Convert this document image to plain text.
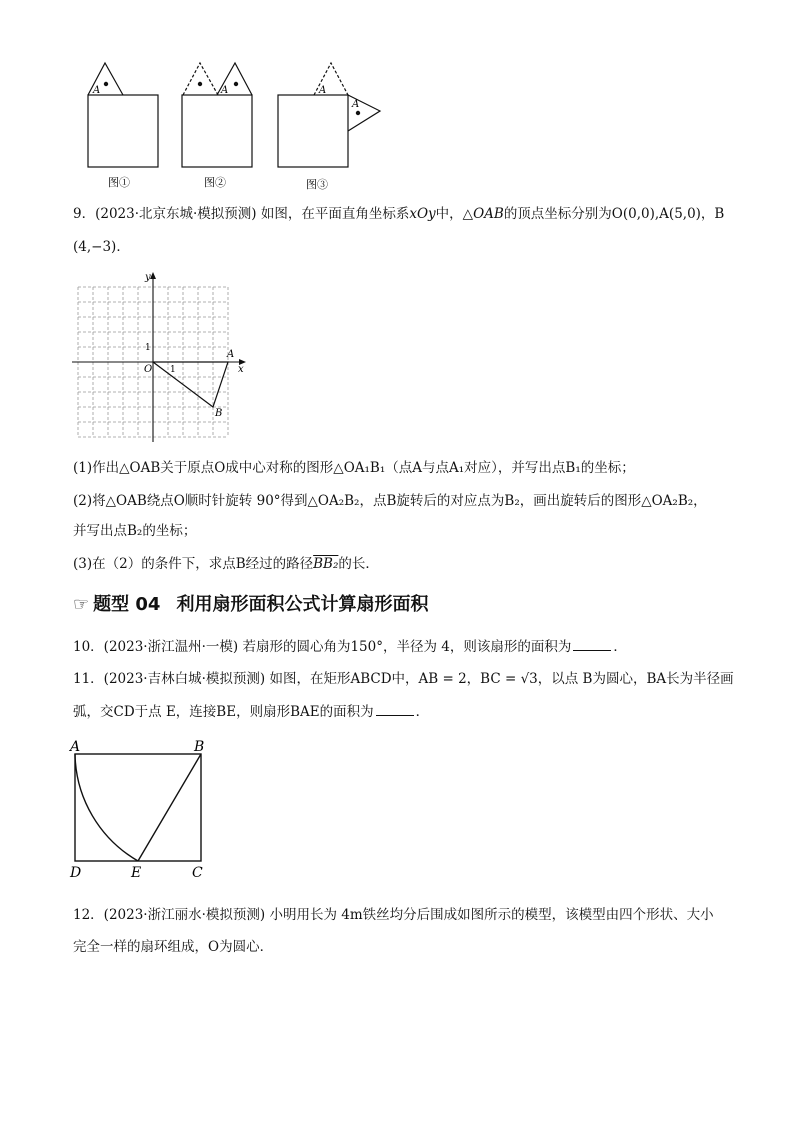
A	A
A
A
图①	图②	图③
9．(2023·北京东城·模拟预测) 如图，在平面直角坐标系xOy中，△OAB的顶点坐标分别为O(0,0),A(5,0)，B
(4,−3)．
y
x
O 1
1
A
B
(1)作出△OAB关于原点O成中心对称的图形△OA₁B₁（点A与点A₁对应），并写出点B₁的坐标；
(2)将△OAB绕点O顺时针旋转 90°得到△OA₂B₂，点B旋转后的对应点为B₂，画出旋转后的图形△OA₂B₂，
并写出点B₂的坐标；
(3)在（2）的条件下，求点B经过的路径BB₂的长．
☞ 题型 04 利用扇形面积公式计算扇形面积
10．(2023·浙江温州·一模) 若扇形的圆心角为150°，半径为 4，则该扇形的面积为	．
11．(2023·吉林白城·模拟预测) 如图，在矩形ABCD中，AB = 2，BC = √3，以点 B为圆心，BA长为半径画
弧，交CD于点 E，连接BE，则扇形BAE的面积为	．
A	B
D	E	C
12．(2023·浙江丽水·模拟预测) 小明用长为 4m铁丝均分后围成如图所示的模型，该模型由四个形状、大小
完全一样的扇环组成，O为圆心．
